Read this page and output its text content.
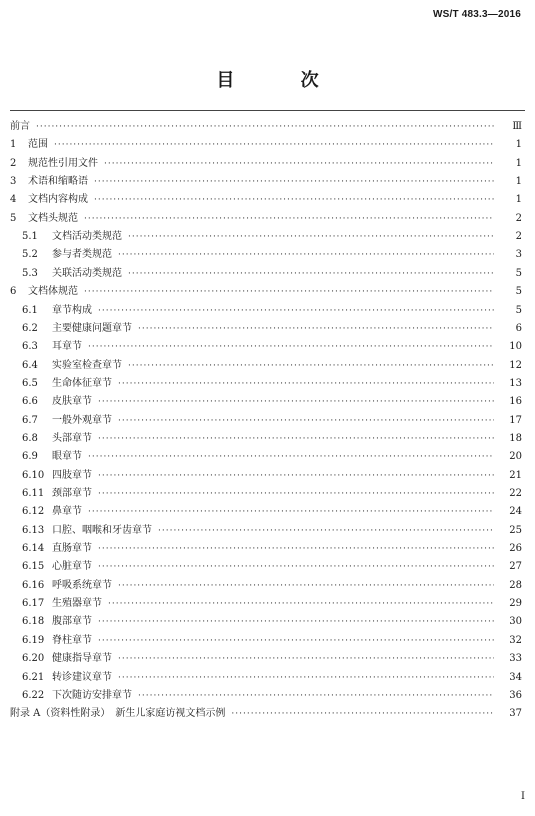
WS/T 483.3—2016
目 次
前言 ·····	Ⅲ
1	范围 ·····	1
2	规范性引用文件 ·····	1
3	术语和缩略语 ·····	1
4	文档内容构成 ·····	1
5	文档头规范 ·····	2
5.1	文档活动类规范 ·····	2
5.2	参与者类规范 ·····	3
5.3	关联活动类规范 ·····	5
6	文档体规范 ·····	5
6.1	章节构成 ·····	5
6.2	主要健康问题章节 ·····	6
6.3	耳章节 ·····	10
6.4	实验室检查章节 ·····	12
6.5	生命体征章节 ·····	13
6.6	皮肤章节 ·····	16
6.7	一般外观章节 ·····	17
6.8	头部章节 ·····	18
6.9	眼章节 ·····	20
6.10 四肢章节 ·····	21
6.11 颈部章节 ·····	22
6.12 鼻章节 ·····	24
6.13 口腔、咽喉和牙齿章节 ·····	25
6.14 直肠章节 ·····	26
6.15 心脏章节 ·····	27
6.16 呼吸系统章节 ·····	28
6.17 生殖器章节 ·····	29
6.18 腹部章节 ·····	30
6.19 脊柱章节 ·····	32
6.20 健康指导章节 ·····	33
6.21 转诊建议章节 ·····	34
6.22 下次随访安排章节 ·····	36
附录 A（资料性附录）　新生儿家庭访视文档示例 ·····	37
I
